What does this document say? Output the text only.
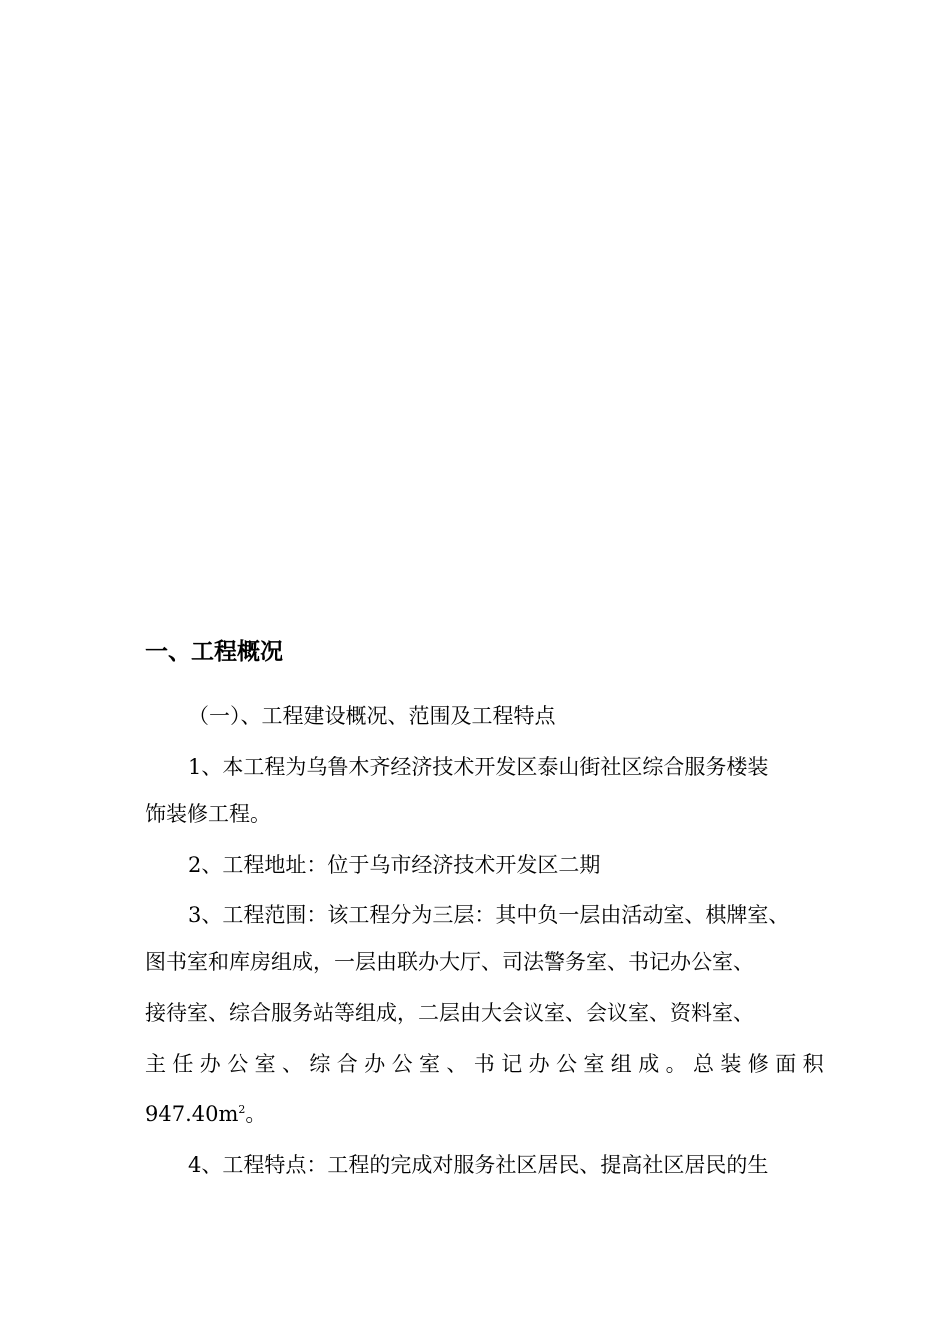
一、工程概况
（一）、工程建设概况、范围及工程特点
1、本工程为乌鲁木齐经济技术开发区泰山街社区综合服务楼装
饰装修工程。
2、工程地址：位于乌市经济技术开发区二期
3、工程范围：该工程分为三层：其中负一层由活动室、棋牌室、
图书室和库房组成，一层由联办大厅、司法警务室、书记办公室、
接待室、综合服务站等组成，二层由大会议室、会议室、资料室、
主任办公室、综合办公室、书记办公室组成。总装修面积
$947.40m^2$。
4、工程特点：工程的完成对服务社区居民、提高社区居民的生
